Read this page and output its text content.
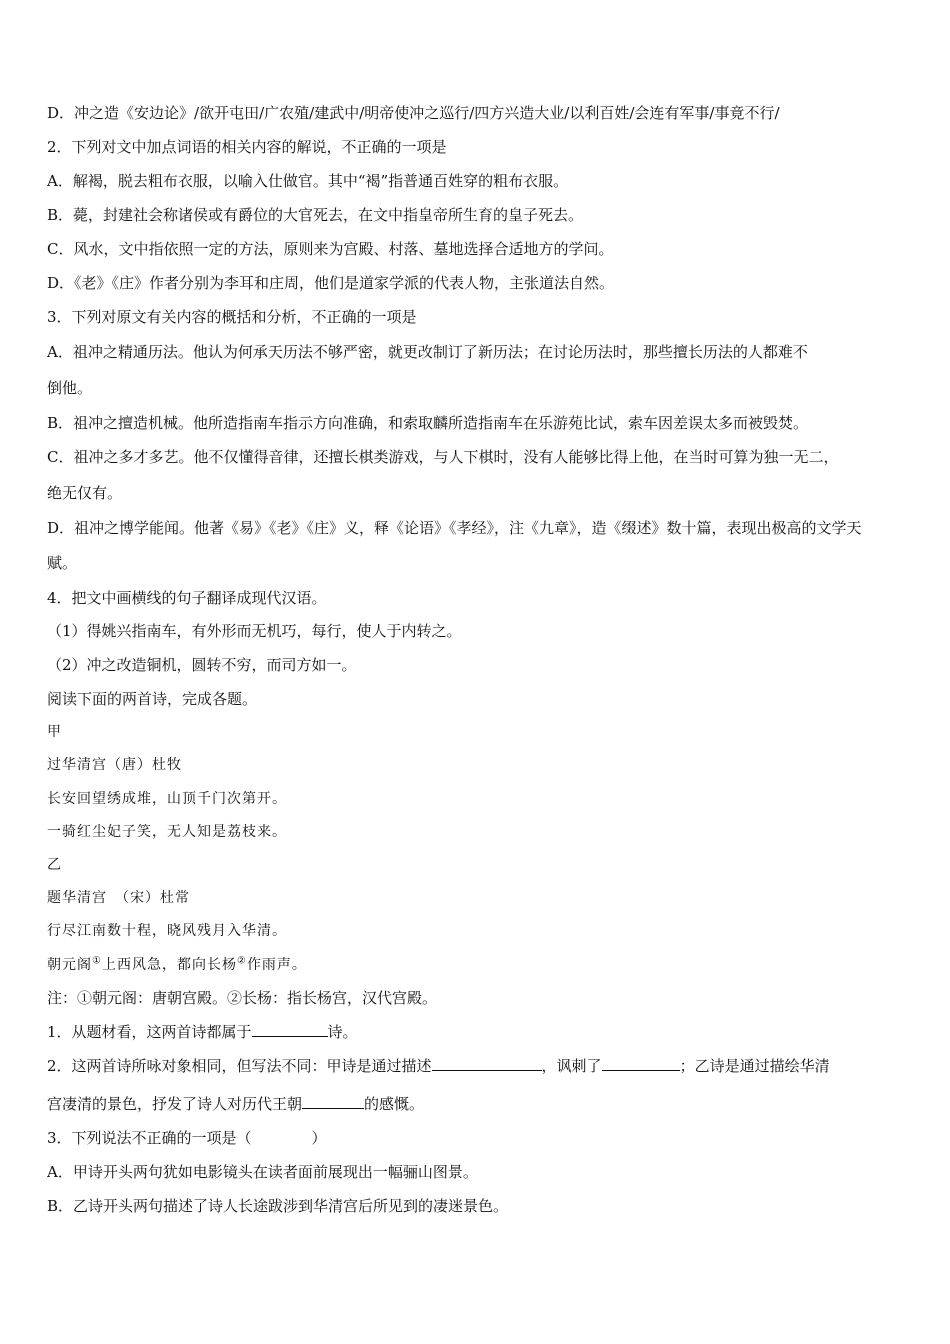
D．冲之造《安边论》/欲开屯田/广农殖/建武中/明帝使冲之巡行/四方兴造大业/以利百姓/会连有军事/事竟不行/
2．下列对文中加点词语的相关内容的解说，不正确的一项是
A．解褐，脱去粗布衣服，以喻入仕做官。其中“褐”指普通百姓穿的粗布衣服。
B．薨，封建社会称诸侯或有爵位的大官死去，在文中指皇帝所生育的皇子死去。
C．风水，文中指依照一定的方法，原则来为宫殿、村落、墓地选择合适地方的学问。
D．《老》《庄》作者分别为李耳和庄周，他们是道家学派的代表人物，主张道法自然。
3．下列对原文有关内容的概括和分析，不正确的一项是
A．祖冲之精通历法。他认为何承天历法不够严密，就更改制订了新历法；在讨论历法时，那些擅长历法的人都难不
倒他。
B．祖冲之擅造机械。他所造指南车指示方向准确，和索取麟所造指南车在乐游苑比试，索车因差误太多而被毁焚。
C．祖冲之多才多艺。他不仅懂得音律，还擅长棋类游戏，与人下棋时，没有人能够比得上他，在当时可算为独一无二，
绝无仅有。
D．祖冲之博学能闻。他著《易》《老》《庄》义，释《论语》《孝经》，注《九章》，造《缀述》数十篇，表现出极高的文学天
赋。
4．把文中画横线的句子翻译成现代汉语。
（1）得姚兴指南车，有外形而无机巧，每行，使人于内转之。
（2）冲之改造铜机，圆转不穷，而司方如一。
阅读下面的两首诗，完成各题。
甲
过华清宫（唐）杜牧
长安回望绣成堆，山顶千门次第开。
一骑红尘妃子笑，无人知是荔枝来。
乙
题华清宫　（宋）杜常
行尽江南数十程，晓风残月入华清。
朝元阁①上西风急，都向长杨②作雨声。
注：①朝元阁：唐朝宫殿。②长杨：指长杨宫，汉代宫殿。
1．从题材看，这两首诗都属于	诗。
2．这两首诗所咏对象相同，但写法不同：甲诗是通过描述	，讽刺了	；乙诗是通过描绘华清
宫凄清的景色，抒发了诗人对历代王朝	的感慨。
3．下列说法不正确的一项是（　　　　）
A．甲诗开头两句犹如电影镜头在读者面前展现出一幅骊山图景。
B．乙诗开头两句描述了诗人长途跋涉到华清宫后所见到的凄迷景色。
